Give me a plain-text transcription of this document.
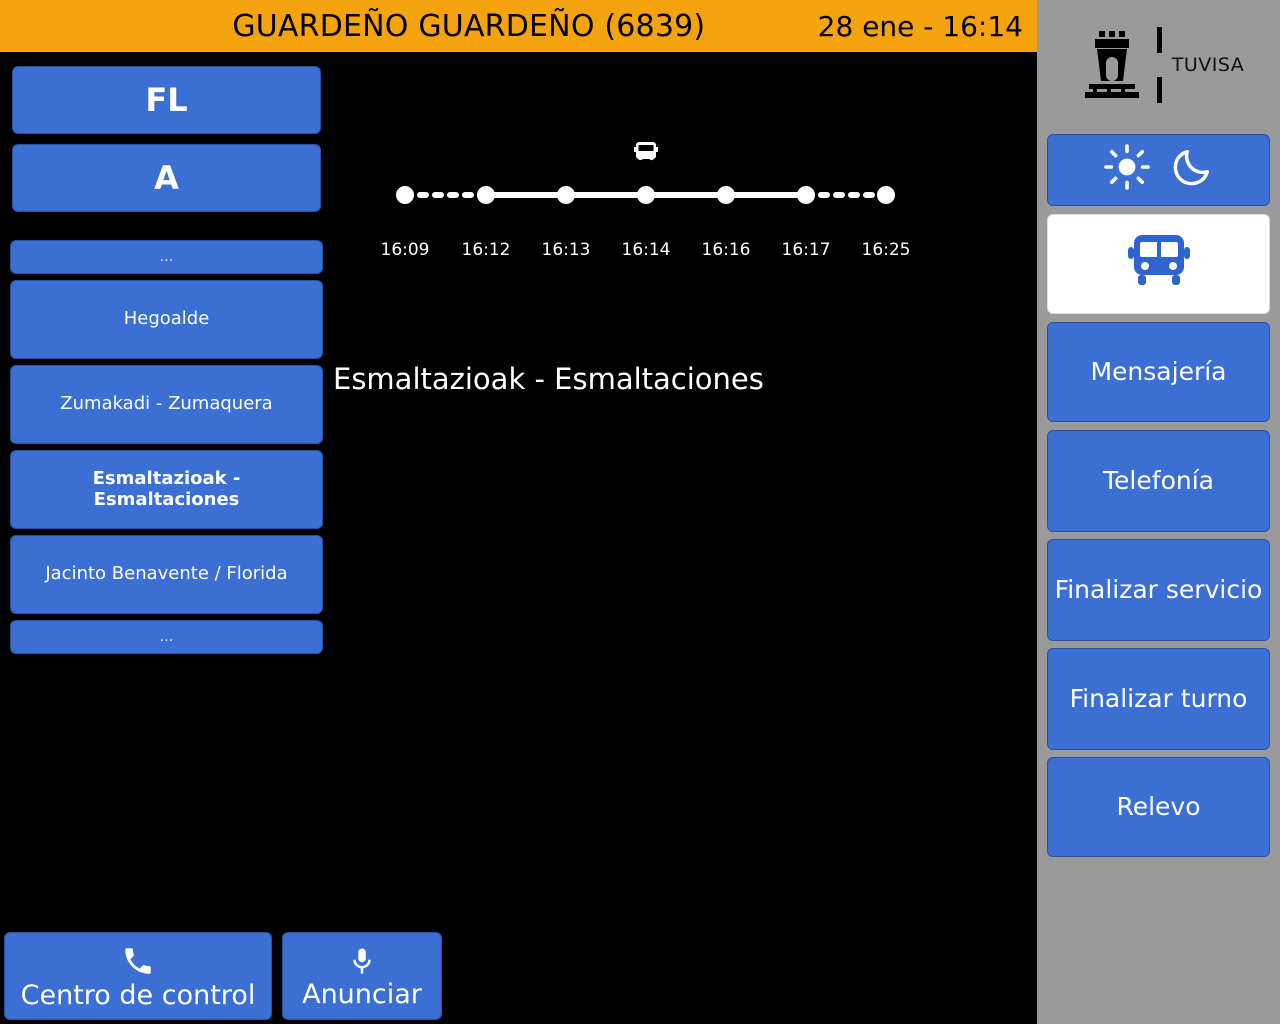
GUARDEÑO GUARDEÑO (6839)	28 ene - 16:14
FL
A
…
Hegoalde
Zumakadi - Zumaquera
Esmaltazioak - Esmaltaciones
Jacinto Benavente / Florida
…
16:09 16:12 16:13 16:14 16:16 16:17 16:25
Esmaltazioak - Esmaltaciones
Centro de control Anunciar
TUVISA
Mensajería
Telefonía
Finalizar servicio
Finalizar turno
Relevo
